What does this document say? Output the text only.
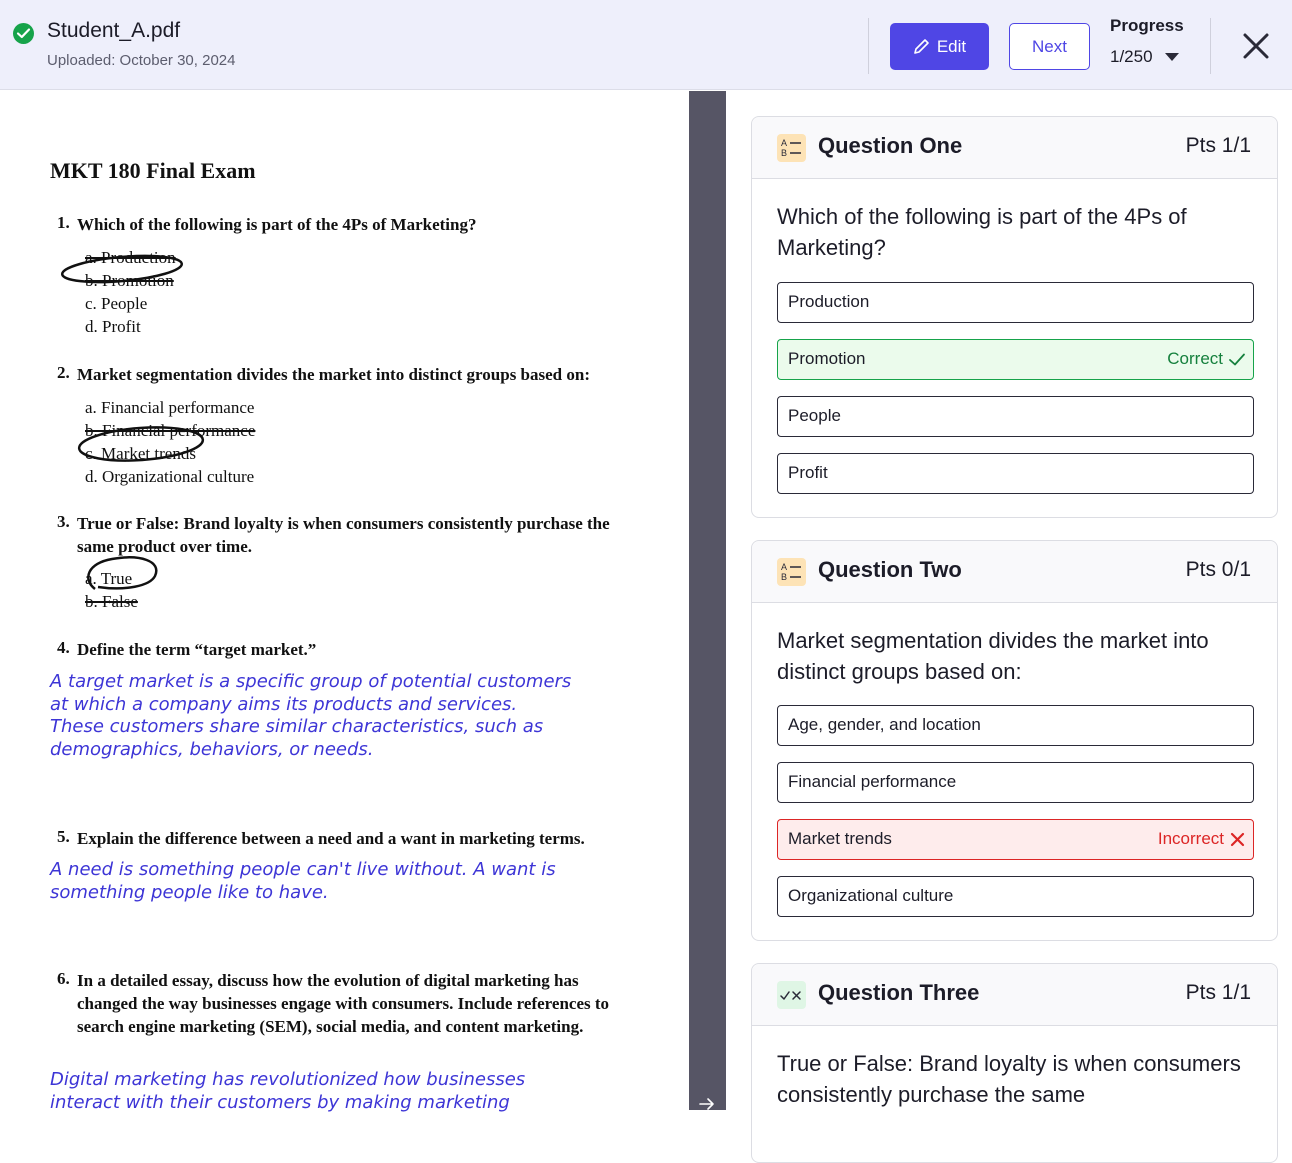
Student_A.pdf
Uploaded: October 30, 2024
Edit	Next
Progress
1/250
MKT 180 Final Exam
1. Which of the following is part of the 4Ps of Marketing?
a. Production
b. Promotion
c. People
d. Profit
2. Market segmentation divides the market into distinct groups based on:
a. Financial performance
b. Financial performance
c. Market trends
d. Organizational culture
3. True or False: Brand loyalty is when consumers consistently purchase the same product over time.
a. True
b. False
4. Define the term “target market.”
A target market is a specific group of potential customers
at which a company aims its products and services.
These customers share similar characteristics, such as
demographics, behaviors, or needs.
5. Explain the difference between a need and a want in marketing terms.
A need is something people can't live without. A want is
something people like to have.
6. In a detailed essay, discuss how the evolution of digital marketing has changed the way businesses engage with consumers. Include references to search engine marketing (SEM), social media, and content marketing.
Digital marketing has revolutionized how businesses
interact with their customers by making marketing
Hide
A
B Question One	Pts 1/1
Which of the following is part of the 4Ps of Marketing?
Production
Promotion	Correct
People
Profit
A
B Question Two	Pts 0/1
Market segmentation divides the market into distinct groups based on:
Age, gender, and location
Financial performance
Market trends	Incorrect
Organizational culture
Question Three	Pts 1/1
True or False: Brand loyalty is when consumers consistently purchase the same
